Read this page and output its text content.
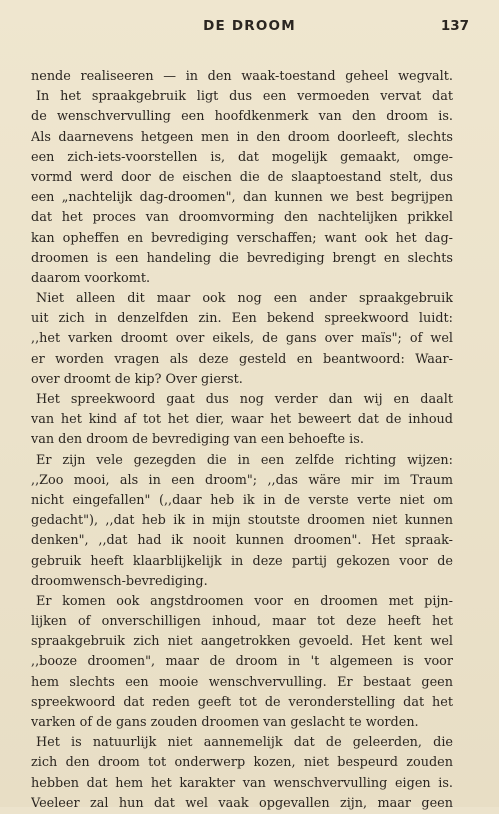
DE DROOM	137
nende realiseeren — in den waak-toestand geheel wegvalt.
In het spraakgebruik ligt dus een vermoeden vervat dat
de wenschvervulling een hoofdkenmerk van den droom is.
Als daarnevens hetgeen men in den droom doorleeft, slechts
een zich-iets-voorstellen is, dat mogelijk gemaakt, omge-
vormd werd door de eischen die de slaaptoestand stelt, dus
een „nachtelijk dag-droomen", dan kunnen we best begrijpen
dat het proces van droomvorming den nachtelijken prikkel
kan opheffen en bevrediging verschaffen; want ook het dag-
droomen is een handeling die bevrediging brengt en slechts
daarom voorkomt.
Niet alleen dit maar ook nog een ander spraakgebruik
uit zich in denzelfden zin. Een bekend spreekwoord luidt:
,,het varken droomt over eikels, de gans over maïs"; of wel
er worden vragen als deze gesteld en beantwoord: Waar-
over droomt de kip? Over gierst.
Het spreekwoord gaat dus nog verder dan wij en daalt
van het kind af tot het dier, waar het beweert dat de inhoud
van den droom de bevrediging van een behoefte is.
Er zijn vele gezegden die in een zelfde richting wijzen:
,,Zoo mooi, als in een droom"; ,,das wäre mir im Traum
nicht eingefallen" (,,daar heb ik in de verste verte niet om
gedacht"), ,,dat heb ik in mijn stoutste droomen niet kunnen
denken", ,,dat had ik nooit kunnen droomen". Het spraak-
gebruik heeft klaarblijkelijk in deze partij gekozen voor de
droomwensch-bevrediging.
Er komen ook angstdroomen voor en droomen met pijn-
lijken of onverschilligen inhoud, maar tot deze heeft het
spraakgebruik zich niet aangetrokken gevoeld. Het kent wel
,,booze droomen", maar de droom in 't algemeen is voor
hem slechts een mooie wenschvervulling. Er bestaat geen
spreekwoord dat reden geeft tot de veronderstelling dat het
varken of de gans zouden droomen van geslacht te worden.
Het is natuurlijk niet aannemelijk dat de geleerden, die
zich den droom tot onderwerp kozen, niet bespeurd zouden
hebben dat hem het karakter van wenschvervulling eigen is.
Veeleer zal hun dat wel vaak opgevallen zijn, maar geen
